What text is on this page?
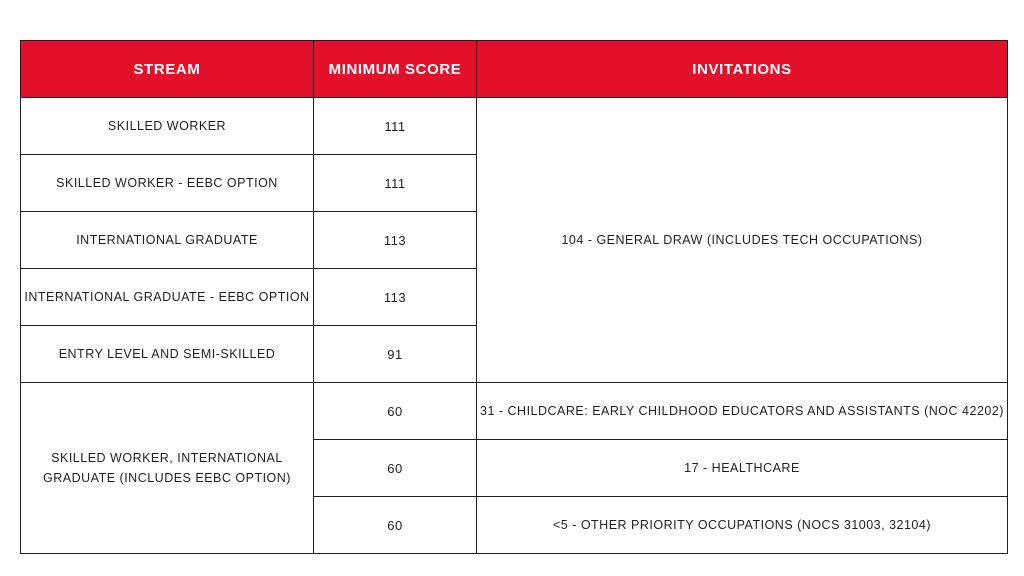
STREAM	MINIMUM SCORE	INVITATIONS
SKILLED WORKER	111	104 - GENERAL DRAW (INCLUDES TECH OCCUPATIONS)
SKILLED WORKER - EEBC OPTION	111	
INTERNATIONAL GRADUATE	113	
INTERNATIONAL GRADUATE - EEBC OPTION	113	
ENTRY LEVEL AND SEMI-SKILLED	91	
SKILLED WORKER, INTERNATIONAL GRADUATE (INCLUDES EEBC OPTION)	60	31 - CHILDCARE: EARLY CHILDHOOD EDUCATORS AND ASSISTANTS (NOC 42202)
	60	17 - HEALTHCARE
	60	<5 - OTHER PRIORITY OCCUPATIONS (NOCS 31003, 32104)
